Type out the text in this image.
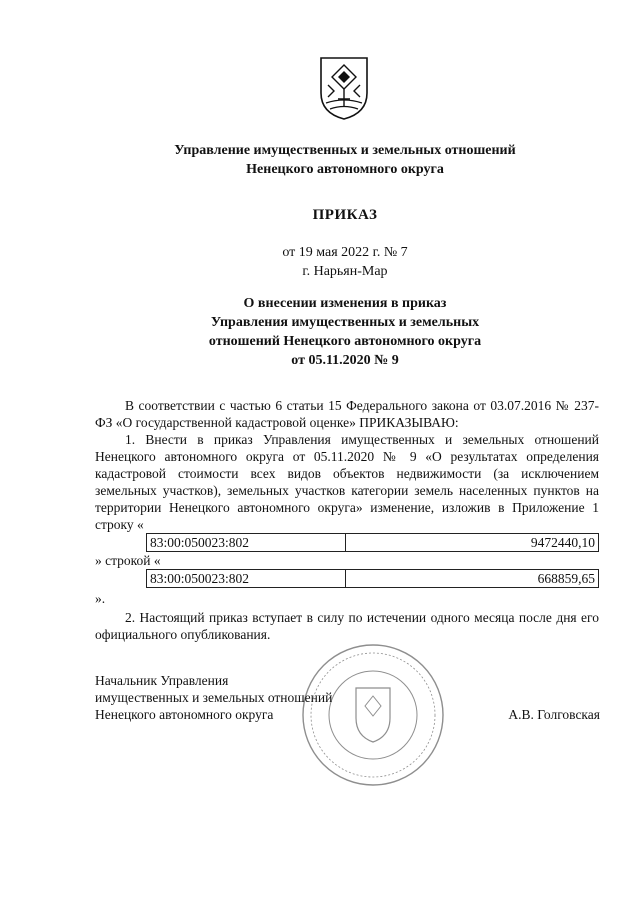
Управление имущественных и земельных отношений
Ненецкого автономного округа
ПРИКАЗ
от 19 мая 2022 г. № 7
г. Нарьян-Мар
О внесении изменения в приказ
Управления имущественных и земельных
отношений Ненецкого автономного округа
от 05.11.2020 № 9

В соответствии с частью 6 статьи 15 Федерального закона от 03.07.2016 № 237-ФЗ «О государственной кадастровой оценке» ПРИКАЗЫВАЮ:

1. Внести в приказ Управления имущественных и земельных отношений Ненецкого автономного округа от 05.11.2020 № 9 «О результатах определения кадастровой стоимости всех видов объектов недвижимости (за исключением земельных участков), земельных участков категории земель населенных пунктов на территории Ненецкого автономного округа» изменение, изложив в Приложение 1 строку «

83:00:050023:802	9472440,10

» строкой «

83:00:050023:802	668859,65

».

2. Настоящий приказ вступает в силу по истечении одного месяца после дня его официального опубликования.

Начальник Управления
имущественных и земельных отношений
Ненецкого автономного округа	А.В. Голговская
